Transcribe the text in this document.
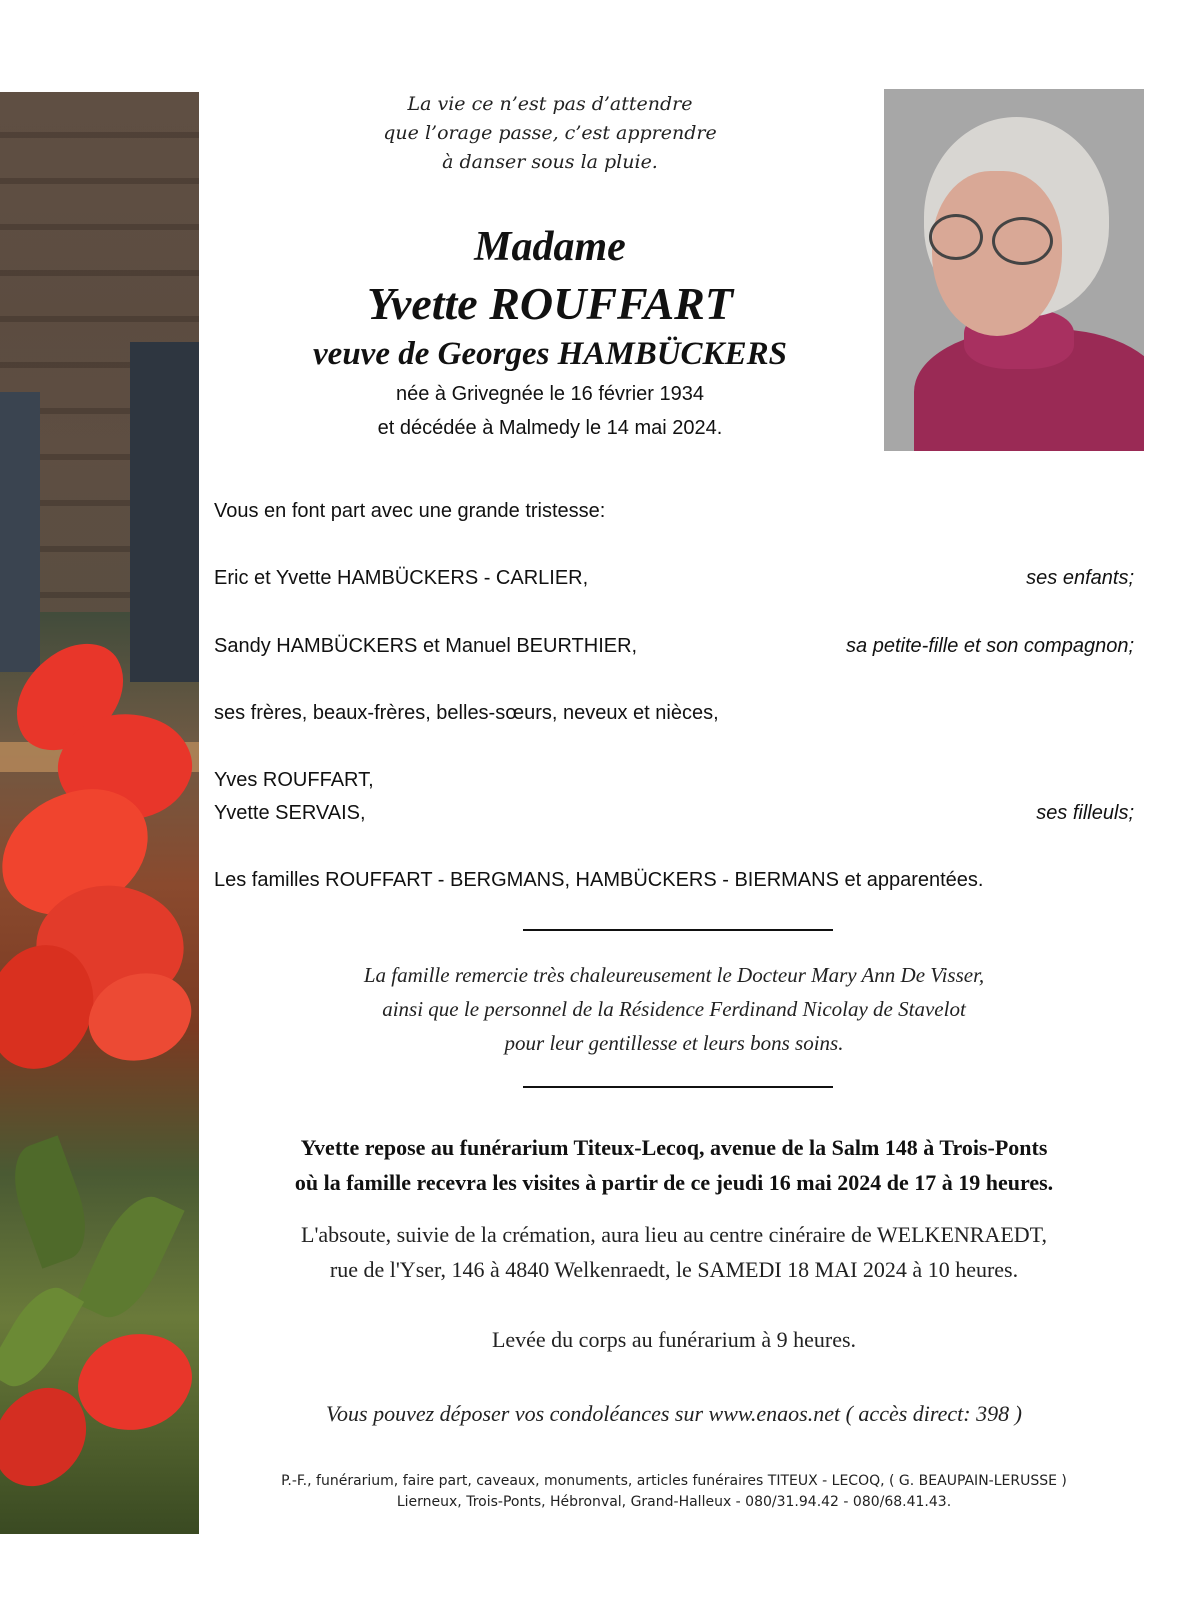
La vie ce n’est pas d’attendre
que l’orage passe, c’est apprendre
à danser sous la pluie.
Madame
Yvette ROUFFART
veuve de Georges HAMBÜCKERS
née à Grivegnée le 16 février 1934
et décédée à Malmedy le 14 mai 2024.
Vous en font part avec une grande tristesse:
Eric et Yvette HAMBÜCKERS - CARLIER,	ses enfants;
Sandy HAMBÜCKERS et Manuel BEURTHIER,	sa petite-fille et son compagnon;
ses frères, beaux-frères, belles-sœurs, neveux et nièces,
Yves ROUFFART,
Yvette SERVAIS,	ses filleuls;
Les familles ROUFFART - BERGMANS, HAMBÜCKERS - BIERMANS et apparentées.
La famille remercie très chaleureusement le Docteur Mary Ann De Visser,
ainsi que le personnel de la Résidence Ferdinand Nicolay de Stavelot
pour leur gentillesse et leurs bons soins.
Yvette repose au funérarium Titeux-Lecoq, avenue de la Salm 148 à Trois-Ponts
où la famille recevra les visites à partir de ce jeudi 16 mai 2024 de 17 à 19 heures.
L'absoute, suivie de la crémation, aura lieu au centre cinéraire de WELKENRAEDT,
rue de l'Yser, 146 à 4840 Welkenraedt, le SAMEDI 18 MAI 2024 à 10 heures.
Levée du corps au funérarium à 9 heures.
Vous pouvez déposer vos condoléances sur www.enaos.net ( accès direct: 398 )
P.-F., funérarium, faire part, caveaux, monuments, articles funéraires TITEUX - LECOQ, ( G. BEAUPAIN-LERUSSE )
Lierneux, Trois-Ponts, Hébronval, Grand-Halleux - 080/31.94.42 - 080/68.41.43.
